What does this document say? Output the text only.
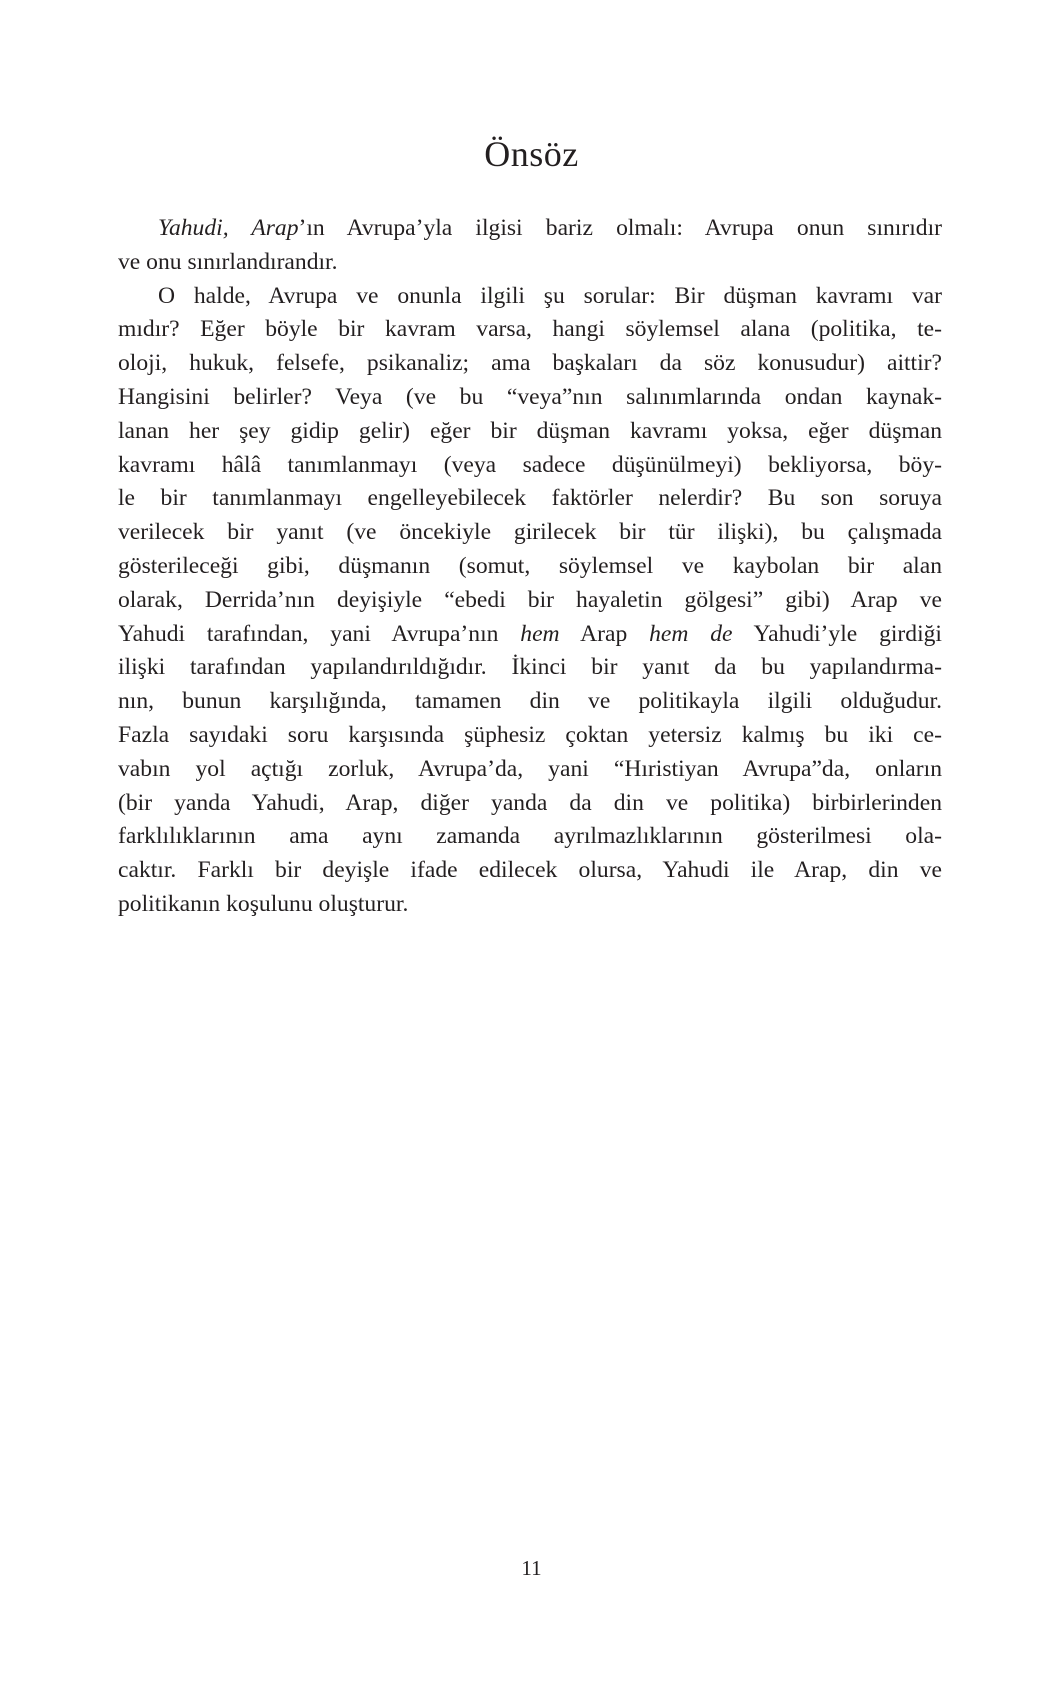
Önsöz
Yahudi, Arap’ın Avrupa’yla ilgisi bariz olmalı: Avrupa onun sınırıdır
ve onu sınırlandırandır.
O halde, Avrupa ve onunla ilgili şu sorular: Bir düşman kavramı var
mıdır? Eğer böyle bir kavram varsa, hangi söylemsel alana (politika, te-
oloji, hukuk, felsefe, psikanaliz; ama başkaları da söz konusudur) aittir?
Hangisini belirler? Veya (ve bu “veya”nın salınımlarında ondan kaynak-
lanan her şey gidip gelir) eğer bir düşman kavramı yoksa, eğer düşman
kavramı hâlâ tanımlanmayı (veya sadece düşünülmeyi) bekliyorsa, böy-
le bir tanımlanmayı engelleyebilecek faktörler nelerdir? Bu son soruya
verilecek bir yanıt (ve öncekiyle girilecek bir tür ilişki), bu çalışmada
gösterileceği gibi, düşmanın (somut, söylemsel ve kaybolan bir alan
olarak, Derrida’nın deyişiyle “ebedi bir hayaletin gölgesi” gibi) Arap ve
Yahudi tarafından, yani Avrupa’nın hem Arap hem de Yahudi’yle girdiği
ilişki tarafından yapılandırıldığıdır. İkinci bir yanıt da bu yapılandırma-
nın, bunun karşılığında, tamamen din ve politikayla ilgili olduğudur.
Fazla sayıdaki soru karşısında şüphesiz çoktan yetersiz kalmış bu iki ce-
vabın yol açtığı zorluk, Avrupa’da, yani “Hıristiyan Avrupa”da, onların
(bir yanda Yahudi, Arap, diğer yanda da din ve politika) birbirlerinden
farklılıklarının ama aynı zamanda ayrılmazlıklarının gösterilmesi ola-
caktır. Farklı bir deyişle ifade edilecek olursa, Yahudi ile Arap, din ve
politikanın koşulunu oluşturur.
11
